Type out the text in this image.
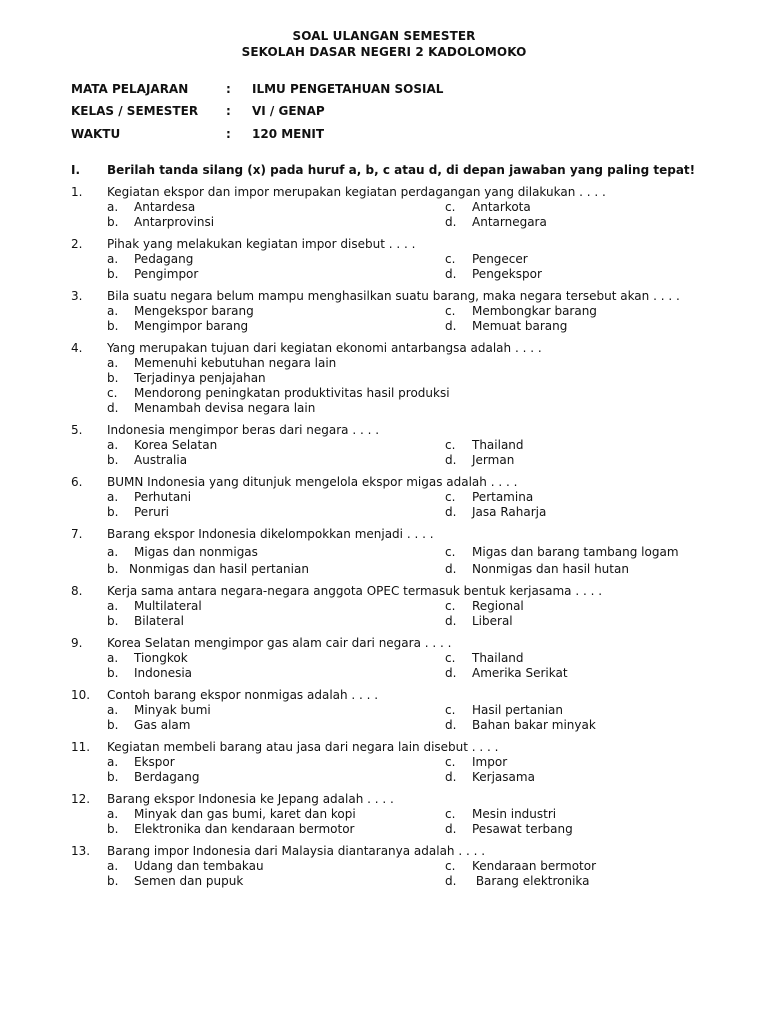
SOAL ULANGAN SEMESTER
SEKOLAH DASAR NEGERI 2 KADOLOMOKO
MATA PELAJARAN	: ILMU PENGETAHUAN SOSIAL
KELAS / SEMESTER : VI / GENAP
WAKTU	: 120 MENIT
I. Berilah tanda silang (x) pada huruf a, b, c atau d, di depan jawaban yang paling tepat!
1. Kegiatan ekspor dan impor merupakan kegiatan perdagangan yang dilakukan . . . .
a. Antardesa	c. Antarkota
b. Antarprovinsi	d. Antarnegara
2. Pihak yang melakukan kegiatan impor disebut . . . .
a. Pedagang	c. Pengecer
b. Pengimpor	d. Pengekspor
3. Bila suatu negara belum mampu menghasilkan suatu barang, maka negara tersebut akan . . . .
a. Mengekspor barang	c. Membongkar barang
b. Mengimpor barang	d. Memuat barang
4. Yang merupakan tujuan dari kegiatan ekonomi antarbangsa adalah . . . .
a. Memenuhi kebutuhan negara lain
b. Terjadinya penjajahan
c. Mendorong peningkatan produktivitas hasil produksi
d. Menambah devisa negara lain
5. Indonesia mengimpor beras dari negara . . . .
a. Korea Selatan	c. Thailand
b. Australia	d. Jerman
6. BUMN Indonesia yang ditunjuk mengelola ekspor migas adalah . . . .
a. Perhutani	c. Pertamina
b. Peruri	d. Jasa Raharja
7. Barang ekspor Indonesia dikelompokkan menjadi . . . .
a. Migas dan nonmigas	c. Migas dan barang tambang logam
b. Nonmigas dan hasil pertanian	d. Nonmigas dan hasil hutan
8. Kerja sama antara negara-negara anggota OPEC termasuk bentuk kerjasama . . . .
a. Multilateral	c. Regional
b. Bilateral	d. Liberal
9. Korea Selatan mengimpor gas alam cair dari negara . . . .
a. Tiongkok	c. Thailand
b. Indonesia	d. Amerika Serikat
10. Contoh barang ekspor nonmigas adalah . . . .
a. Minyak bumi	c. Hasil pertanian
b. Gas alam	d. Bahan bakar minyak
11. Kegiatan membeli barang atau jasa dari negara lain disebut . . . .
a. Ekspor	c. Impor
b. Berdagang	d. Kerjasama
12. Barang ekspor Indonesia ke Jepang adalah . . . .
a. Minyak dan gas bumi, karet dan kopi	c. Mesin industri
b. Elektronika dan kendaraan bermotor	d. Pesawat terbang
13. Barang impor Indonesia dari Malaysia diantaranya adalah . . . .
a. Udang dan tembakau	c. Kendaraan bermotor
b. Semen dan pupuk	d. Barang elektronika
